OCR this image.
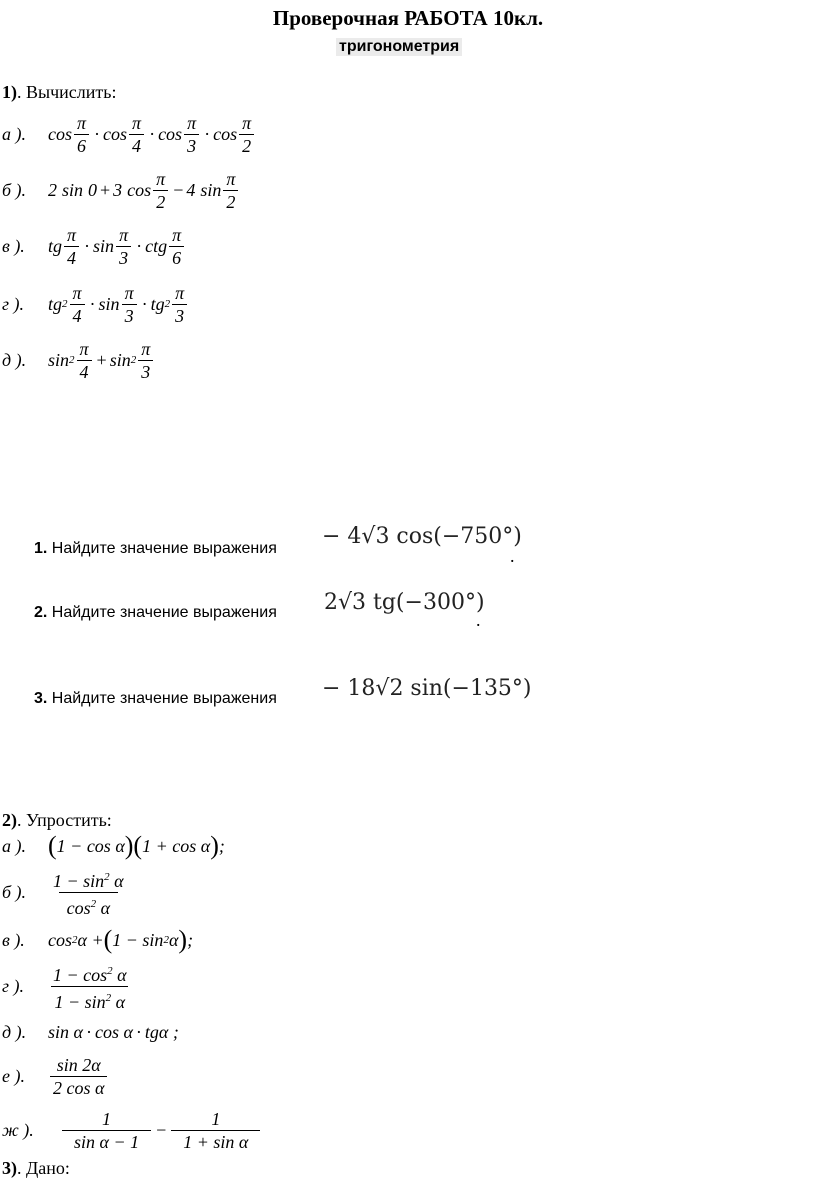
Проверочная РАБОТА 10кл.
тригонометрия
1). Вычислить:
а ). cos
π
6
· cos
π
4
· cos
π
3
· cos
π
2
б ). 2 sin 0 + 3 cos
π
2
− 4 sin
π
2
в ). tg
π
4
· sin
π
3
· ctg
π
6
г ). tg 2
π
4
· sin
π
3
· tg 2
π
3
д ). sin 2
π
4
+ sin 2
π
3
1. Найдите значение выражения − 4√3 cos(−750°)
.
2. Найдите значение выражения 2√3 tg(−300°)
.
3. Найдите значение выражения − 18√2 sin(−135°)
2). Упростить:
а ). ( 1 − cos α )( 1 + cos α ) ;
б ).
$1 - \sin^2 \alpha$
$\cos^2 \alpha$
в ). cos 2 α + ( 1 − sin 2 α ) ;
г ).
$1 - \cos^2 \alpha$
$1 - \sin^2 \alpha$
д ). sin α · cos α · tgα ;
е ).
sin 2α
2 cos α
ж ).
1
sin α − 1
− $\frac{1}{\text{1 + sin α}}$
3). Дано:
